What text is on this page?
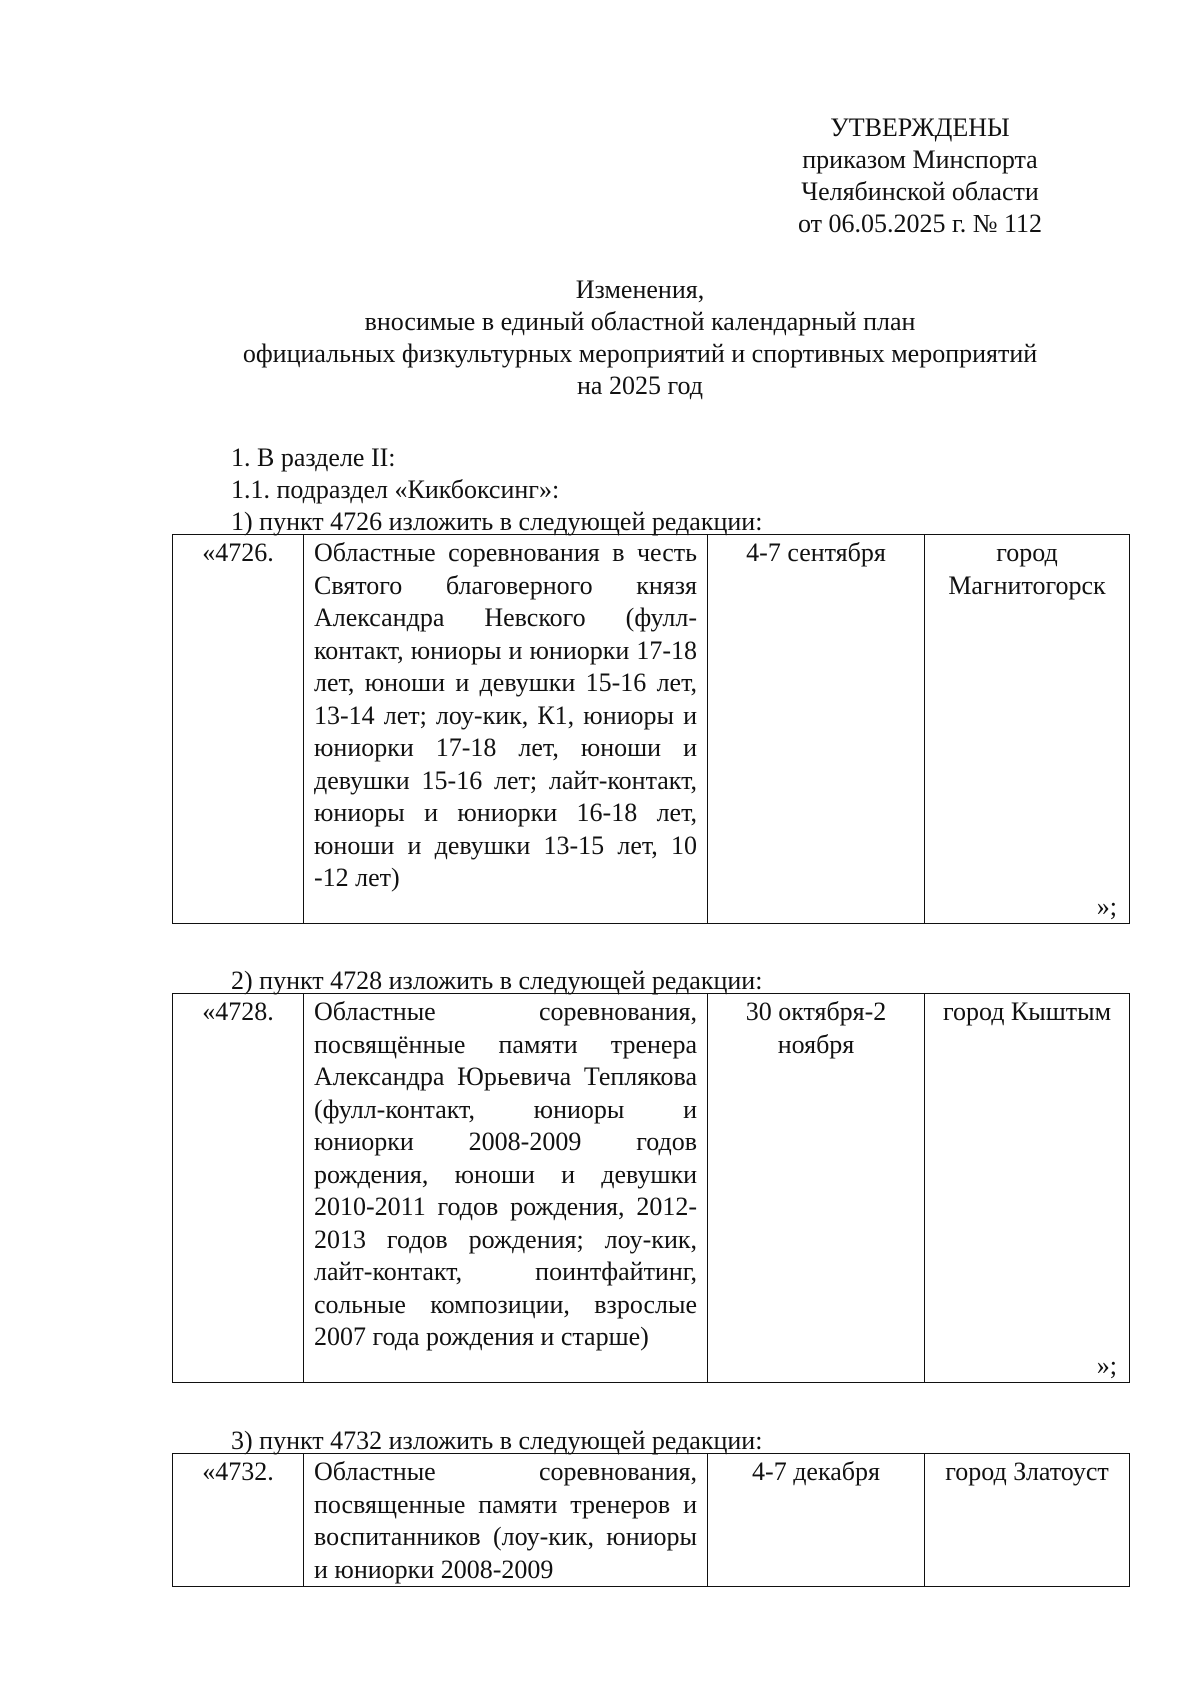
УТВЕРЖДЕНЫ
приказом Минспорта
Челябинской области
от 06.05.2025 г. № 112
Изменения,
вносимые в единый областной календарный план
официальных физкультурных мероприятий и спортивных мероприятий
на 2025 год
1. В разделе II:
1.1. подраздел «Кикбоксинг»:
1) пункт 4726 изложить в следующей редакции:
«4726.	Областные соревнования в честь Святого благоверного князя Александра Невского (фулл-контакт, юниоры и юниорки 17-18 лет, юноши и девушки 15-16 лет, 13-14 лет; лоу-кик, К1, юниоры и юниорки 17-18 лет, юноши и девушки 15-16 лет; лайт-контакт, юниоры и юниорки 16-18 лет, юноши и девушки 13-15 лет, 10 -12 лет)	4-7 сентября	город Магнитогорск
»;
2) пункт 4728 изложить в следующей редакции:
«4728.	Областные соревнования, посвящённые памяти тренера Александра Юрьевича Теплякова (фулл-контакт, юниоры и юниорки 2008-2009 годов рождения, юноши и девушки 2010-2011 годов рождения, 2012-2013 годов рождения; лоу-кик, лайт-контакт, поинтфайтинг, сольные композиции, взрослые 2007 года рождения и старше)	30 октября-2 ноября	город Кыштым
»;
3) пункт 4732 изложить в следующей редакции:
«4732.	Областные соревнования, посвященные памяти тренеров и воспитанников (лоу-кик, юниоры и юниорки 2008-2009	4-7 декабря	город Златоуст
